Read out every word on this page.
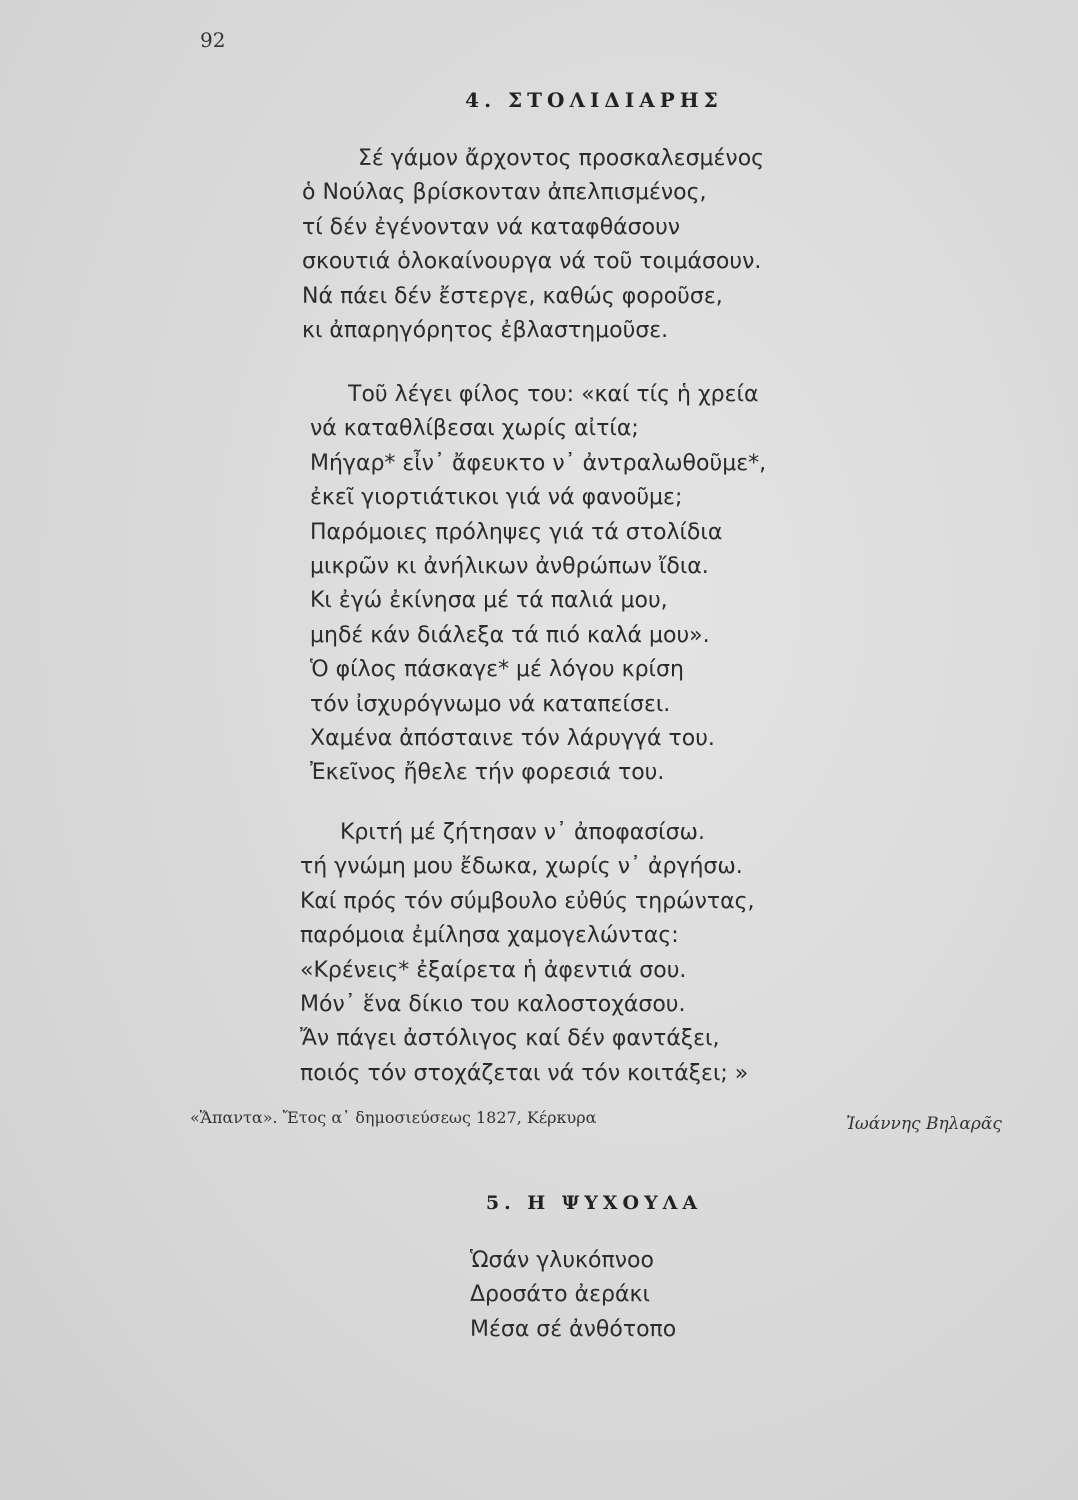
92
4. ΣΤΟΛΙΔΙΑΡΗΣ
Σέ γάμον ἄρχοντος προσκαλεσμένος
ὁ Νούλας βρίσκονταν ἀπελπισμένος,
τί δέν ἐγένονταν νά καταφθάσουν
σκουτιά ὁλοκαίνουργα νά τοῦ τοιμάσουν.
Νά πάει δέν ἔστεργε, καθώς φοροῦσε,
κι ἀπαρηγόρητος ἐβλαστημοῦσε.
Τοῦ λέγει φίλος του: «καί τίς ἡ χρεία
νά καταθλίβεσαι χωρίς αἰτία;
Μήγαρ* εἶν᾽ ἄφευκτο ν᾽ ἀντραλωθοῦμε*,
ἐκεῖ γιορτιάτικοι γιά νά φανοῦμε;
Παρόμοιες πρόληψες γιά τά στολίδια
μικρῶν κι ἀνήλικων ἀνθρώπων ἴδια.
Κι ἐγώ ἐκίνησα μέ τά παλιά μου,
μηδέ κάν διάλεξα τά πιό καλά μου».
Ὁ φίλος πάσκαγε* μέ λόγου κρίση
τόν ἰσχυρόγνωμο νά καταπείσει.
Χαμένα ἀπόσταινε τόν λάρυγγά του.
Ἐκεῖνος ἤθελε τήν φορεσιά του.
Κριτή μέ ζήτησαν ν᾽ ἀποφασίσω.
τή γνώμη μου ἔδωκα, χωρίς ν᾽ ἀργήσω.
Καί πρός τόν σύμβουλο εὐθύς τηρώντας,
παρόμοια ἐμίλησα χαμογελώντας:
«Κρένεις* ἐξαίρετα ἡ ἀφεντιά σου.
Μόν᾽ ἕνα δίκιο του καλοστοχάσου.
Ἄν πάγει ἀστόλιγος καί δέν φαντάξει,
ποιός τόν στοχάζεται νά τόν κοιτάξει; »
«Ἅπαντα». Ἔτος α᾽ δημοσιεύσεως 1827, Κέρκυρα	Ἰωάννης Βηλαρᾶς
5. Η ΨΥΧΟΥΛΑ
Ὡσάν γλυκόπνοο
Δροσάτο ἀεράκι
Μέσα σέ ἀνθότοπο
